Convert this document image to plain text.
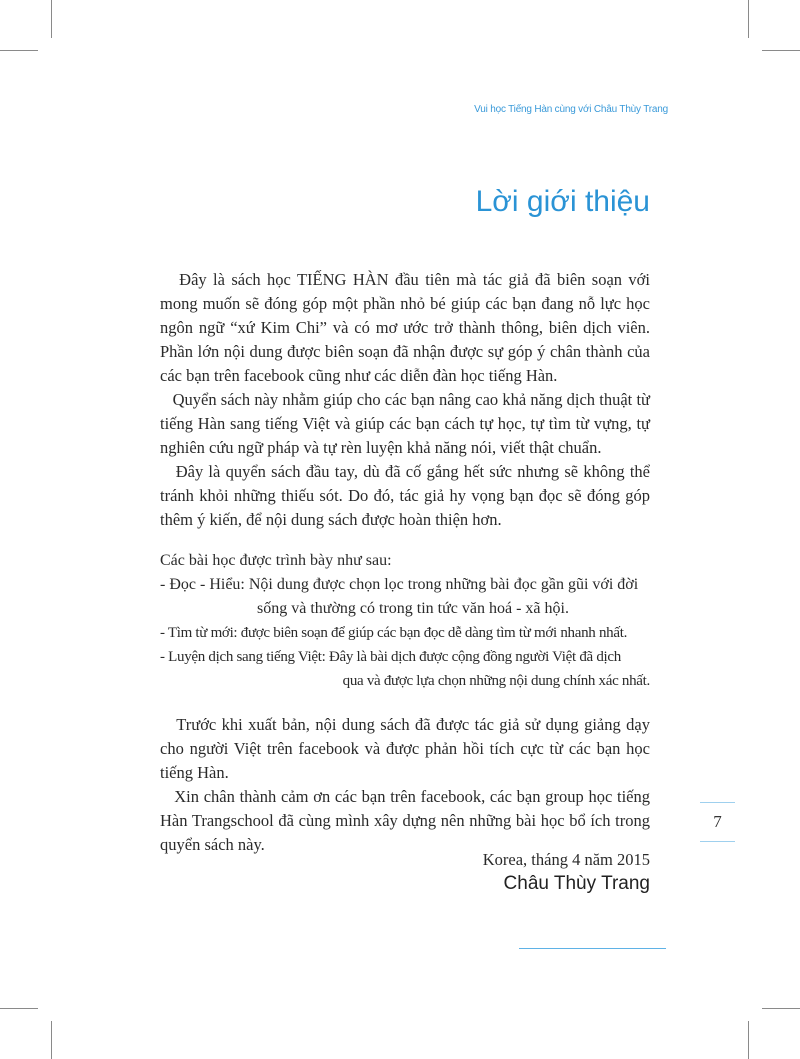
Vui học Tiếng Hàn cùng với Châu Thùy Trang
Lời giới thiệu

Đây là sách học TIẾNG HÀN đầu tiên mà tác giả đã biên soạn với mong muốn sẽ đóng góp một phần nhỏ bé giúp các bạn đang nỗ lực học ngôn ngữ “xứ Kim Chi” và có mơ ước trở thành thông, biên dịch viên. Phần lớn nội dung được biên soạn đã nhận được sự góp ý chân thành của các bạn trên facebook cũng như các diễn đàn học tiếng Hàn.

Quyển sách này nhằm giúp cho các bạn nâng cao khả năng dịch thuật từ tiếng Hàn sang tiếng Việt và giúp các bạn cách tự học, tự tìm từ vựng, tự nghiên cứu ngữ pháp và tự rèn luyện khả năng nói, viết thật chuẩn.

Đây là quyển sách đầu tay, dù đã cố gắng hết sức nhưng sẽ không thể tránh khỏi những thiếu sót. Do đó, tác giả hy vọng bạn đọc sẽ đóng góp thêm ý kiến, để nội dung sách được hoàn thiện hơn.

Các bài học được trình bày như sau:

- Đọc - Hiểu: Nội dung được chọn lọc trong những bài đọc gần gũi với đời

sống và thường có trong tin tức văn hoá - xã hội.

- Tìm từ mới: được biên soạn để giúp các bạn đọc dễ dàng tìm từ mới nhanh nhất.

- Luyện dịch sang tiếng Việt: Đây là bài dịch được cộng đồng người Việt đã dịch

qua và được lựa chọn những nội dung chính xác nhất.

Trước khi xuất bản, nội dung sách đã được tác giả sử dụng giảng dạy cho người Việt trên facebook và được phản hồi tích cực từ các bạn học tiếng Hàn.

Xin chân thành cảm ơn các bạn trên facebook, các bạn group học tiếng Hàn Trangschool đã cùng mình xây dựng nên những bài học bổ ích trong quyển sách này.

Korea, tháng 4 năm 2015
Châu Thùy Trang
7
